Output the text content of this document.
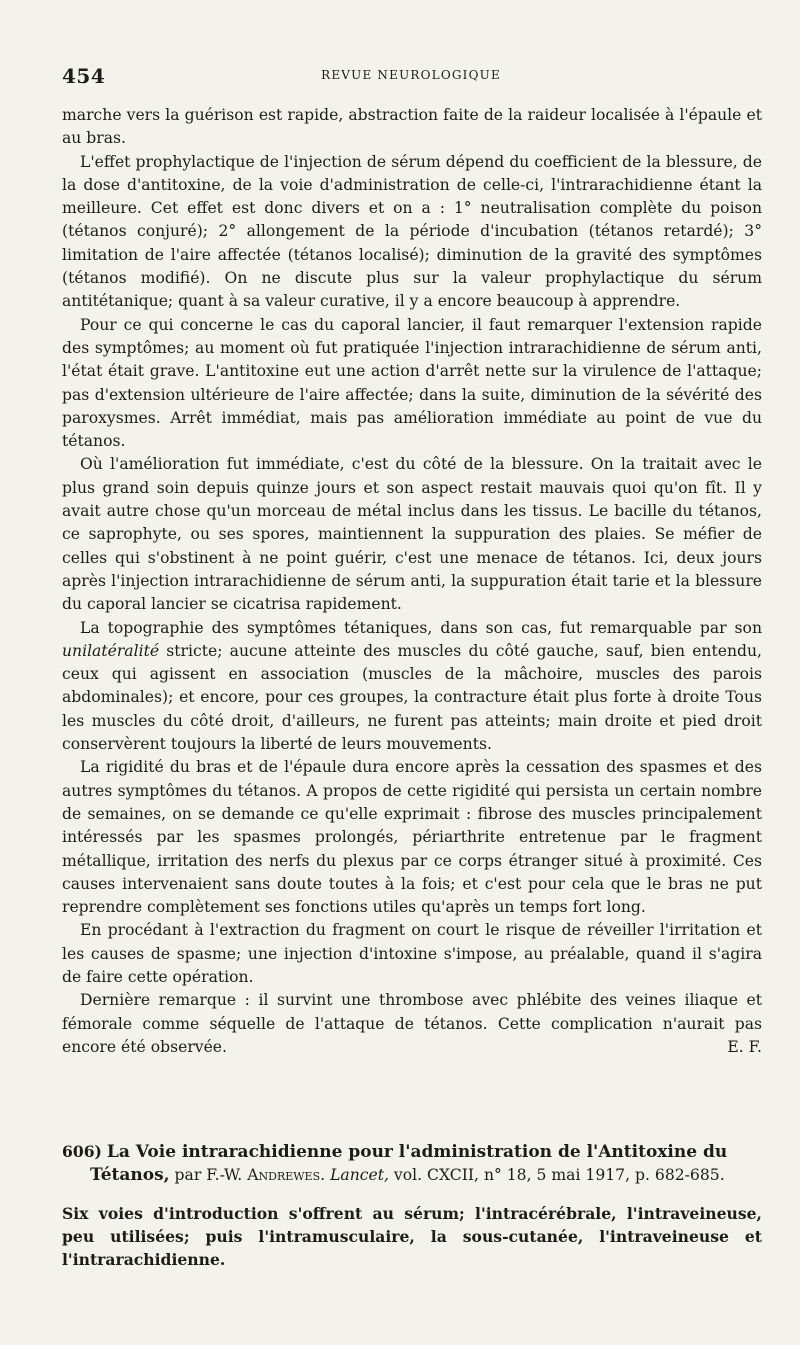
454	REVUE NEUROLOGIQUE

marche vers la guérison est rapide, abstraction faite de la raideur localisée à l'épaule et au bras.

L'effet prophylactique de l'injection de sérum dépend du coefficient de la blessure, de la dose d'antitoxine, de la voie d'administration de celle-ci, l'intrarachidienne étant la meilleure. Cet effet est donc divers et on a : 1° neutralisation complète du poison (tétanos conjuré); 2° allongement de la période d'incubation (tétanos retardé); 3° limitation de l'aire affectée (tétanos localisé); diminution de la gravité des symptômes (tétanos modifié). On ne discute plus sur la valeur prophylactique du sérum antitétanique; quant à sa valeur curative, il y a encore beaucoup à apprendre.

Pour ce qui concerne le cas du caporal lancier, il faut remarquer l'extension rapide des symptômes; au moment où fut pratiquée l'injection intrarachidienne de sérum anti, l'état était grave. L'antitoxine eut une action d'arrêt nette sur la virulence de l'attaque; pas d'extension ultérieure de l'aire affectée; dans la suite, diminution de la sévérité des paroxysmes. Arrêt immédiat, mais pas amélioration immédiate au point de vue du tétanos.

Où l'amélioration fut immédiate, c'est du côté de la blessure. On la traitait avec le plus grand soin depuis quinze jours et son aspect restait mauvais quoi qu'on fît. Il y avait autre chose qu'un morceau de métal inclus dans les tissus. Le bacille du tétanos, ce saprophyte, ou ses spores, maintiennent la suppuration des plaies. Se méfier de celles qui s'obstinent à ne point guérir, c'est une menace de tétanos. Ici, deux jours après l'injection intrarachidienne de sérum anti, la suppuration était tarie et la blessure du caporal lancier se cicatrisa rapidement.

La topographie des symptômes tétaniques, dans son cas, fut remarquable par son unilatéralité stricte; aucune atteinte des muscles du côté gauche, sauf, bien entendu, ceux qui agissent en association (muscles de la mâchoire, muscles des parois abdominales); et encore, pour ces groupes, la contracture était plus forte à droite Tous les muscles du côté droit, d'ailleurs, ne furent pas atteints; main droite et pied droit conservèrent toujours la liberté de leurs mouvements.

La rigidité du bras et de l'épaule dura encore après la cessation des spasmes et des autres symptômes du tétanos. A propos de cette rigidité qui persista un certain nombre de semaines, on se demande ce qu'elle exprimait : fibrose des muscles principalement intéressés par les spasmes prolongés, périarthrite entretenue par le fragment métallique, irritation des nerfs du plexus par ce corps étranger situé à proximité. Ces causes intervenaient sans doute toutes à la fois; et c'est pour cela que le bras ne put reprendre complètement ses fonctions utiles qu'après un temps fort long.

En procédant à l'extraction du fragment on court le risque de réveiller l'irritation et les causes de spasme; une injection d'intoxine s'impose, au préalable, quand il s'agira de faire cette opération.

Dernière remarque : il survint une thrombose avec phlébite des veines iliaque et fémorale comme séquelle de l'attaque de tétanos. Cette complication n'aurait pas encore été observée.	E. F.

606) La Voie intrarachidienne pour l'administration de l'Antitoxine du Tétanos, par F.-W. Andrewes. Lancet, vol. CXCII, n° 18, 5 mai 1917, p. 682-685.

Six voies d'introduction s'offrent au sérum; l'intracérébrale, l'intraveineuse, peu utilisées; puis l'intramusculaire, la sous-cutanée, l'intraveineuse et l'intrarachidienne.
